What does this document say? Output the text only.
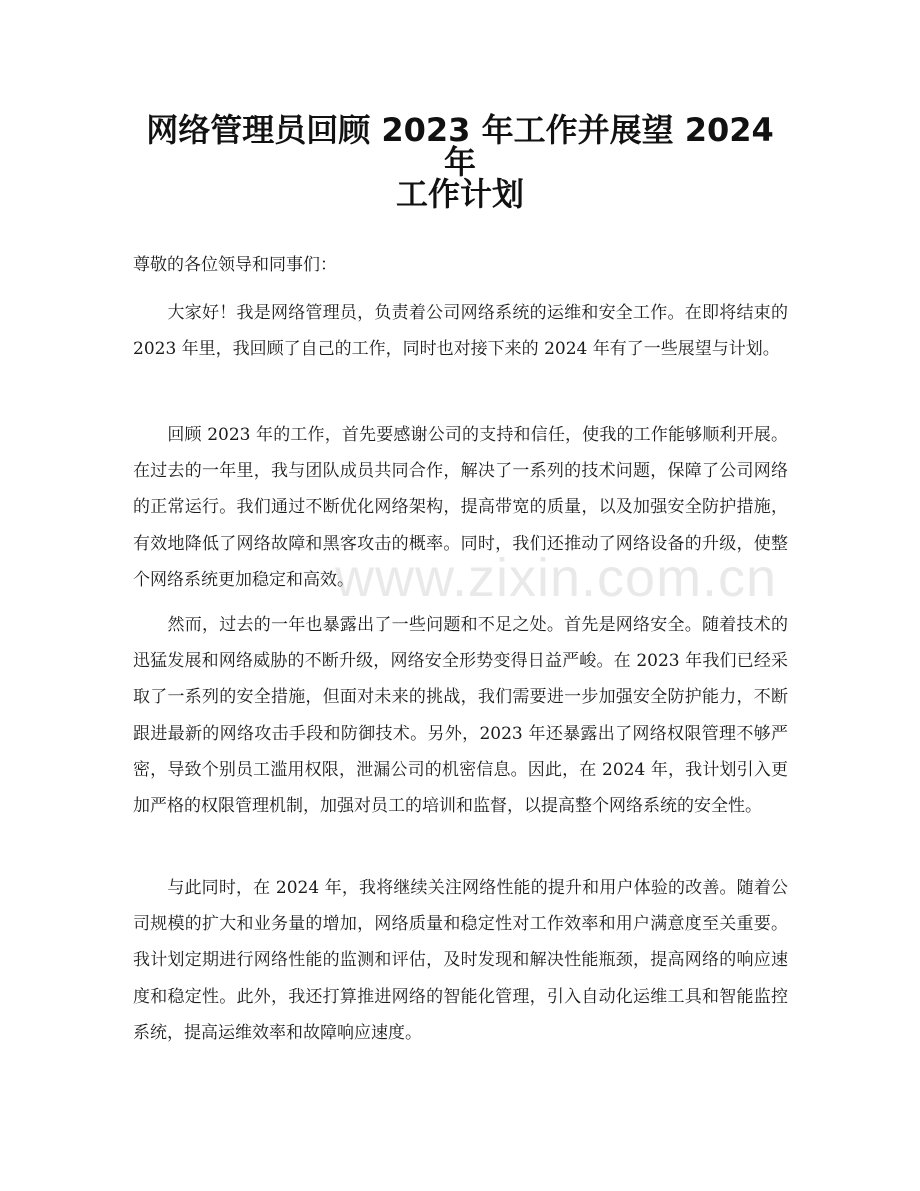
网络管理员回顾 2023 年工作并展望 2024 年
工作计划

尊敬的各位领导和同事们：

　　大家好！我是网络管理员，负责着公司网络系统的运维和安全工作。在即将结束的 2023 年里，我回顾了自己的工作，同时也对接下来的 2024 年有了一些展望与计划。

　　回顾 2023 年的工作，首先要感谢公司的支持和信任，使我的工作能够顺利开展。在过去的一年里，我与团队成员共同合作，解决了一系列的技术问题，保障了公司网络的正常运行。我们通过不断优化网络架构，提高带宽的质量，以及加强安全防护措施，有效地降低了网络故障和黑客攻击的概率。同时，我们还推动了网络设备的升级，使整个网络系统更加稳定和高效。

　　然而，过去的一年也暴露出了一些问题和不足之处。首先是网络安全。随着技术的迅猛发展和网络威胁的不断升级，网络安全形势变得日益严峻。在 2023 年我们已经采取了一系列的安全措施，但面对未来的挑战，我们需要进一步加强安全防护能力，不断跟进最新的网络攻击手段和防御技术。另外，2023 年还暴露出了网络权限管理不够严密，导致个别员工滥用权限，泄漏公司的机密信息。因此，在 2024 年，我计划引入更加严格的权限管理机制，加强对员工的培训和监督，以提高整个网络系统的安全性。

　　与此同时，在 2024 年，我将继续关注网络性能的提升和用户体验的改善。随着公司规模的扩大和业务量的增加，网络质量和稳定性对工作效率和用户满意度至关重要。我计划定期进行网络性能的监测和评估，及时发现和解决性能瓶颈，提高网络的响应速度和稳定性。此外，我还打算推进网络的智能化管理，引入自动化运维工具和智能监控系统，提高运维效率和故障响应速度。

www.zixin.com.cn
